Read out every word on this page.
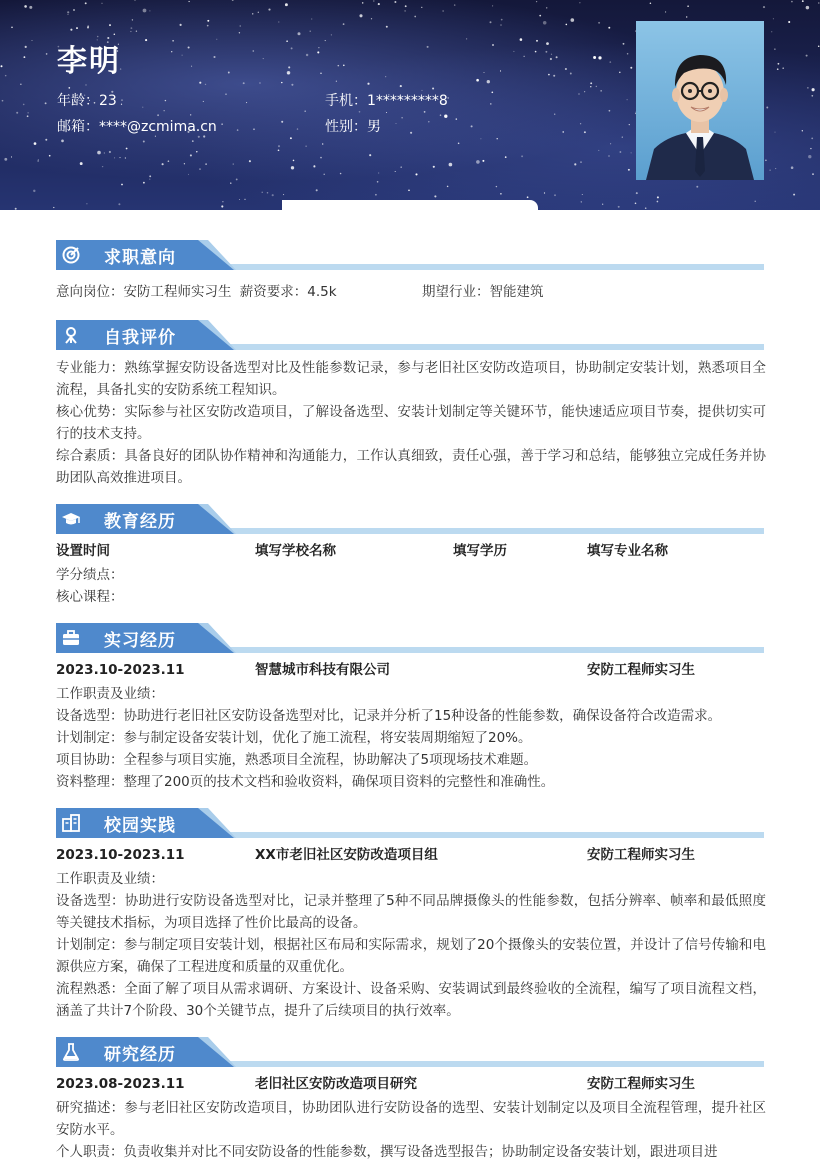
李明
年龄：23	手机：1*********8
邮箱：****@zcmima.cn	性别：男
求职意向
意向岗位：安防工程师实习生 薪资要求：4.5k	期望行业：智能建筑
自我评价
专业能力：熟练掌握安防设备选型对比及性能参数记录，参与老旧社区安防改造项目，协助制定安装计划，熟悉项目全流程，具备扎实的安防系统工程知识。
核心优势：实际参与社区安防改造项目，了解设备选型、安装计划制定等关键环节，能快速适应项目节奏，提供切实可行的技术支持。
综合素质：具备良好的团队协作精神和沟通能力，工作认真细致，责任心强，善于学习和总结，能够独立完成任务并协助团队高效推进项目。
教育经历
设置时间	填写学校名称	填写学历	填写专业名称
学分绩点：
核心课程：
实习经历
2023.10-2023.11	智慧城市科技有限公司	安防工程师实习生
工作职责及业绩：
设备选型：协助进行老旧社区安防设备选型对比，记录并分析了15种设备的性能参数，确保设备符合改造需求。
计划制定：参与制定设备安装计划，优化了施工流程，将安装周期缩短了20%。
项目协助：全程参与项目实施，熟悉项目全流程，协助解决了5项现场技术难题。
资料整理：整理了200页的技术文档和验收资料，确保项目资料的完整性和准确性。
校园实践
2023.10-2023.11	XX市老旧社区安防改造项目组	安防工程师实习生
工作职责及业绩：
设备选型：协助进行安防设备选型对比，记录并整理了5种不同品牌摄像头的性能参数，包括分辨率、帧率和最低照度等关键技术指标，为项目选择了性价比最高的设备。
计划制定：参与制定项目安装计划，根据社区布局和实际需求，规划了20个摄像头的安装位置，并设计了信号传输和电源供应方案，确保了工程进度和质量的双重优化。
流程熟悉：全面了解了项目从需求调研、方案设计、设备采购、安装调试到最终验收的全流程，编写了项目流程文档，涵盖了共计7个阶段、30个关键节点，提升了后续项目的执行效率。
研究经历
2023.08-2023.11	老旧社区安防改造项目研究	安防工程师实习生
研究描述：参与老旧社区安防改造项目，协助团队进行安防设备的选型、安装计划制定以及项目全流程管理，提升社区安防水平。
个人职责：负责收集并对比不同安防设备的性能参数，撰写设备选型报告；协助制定设备安装计划，跟进项目进
